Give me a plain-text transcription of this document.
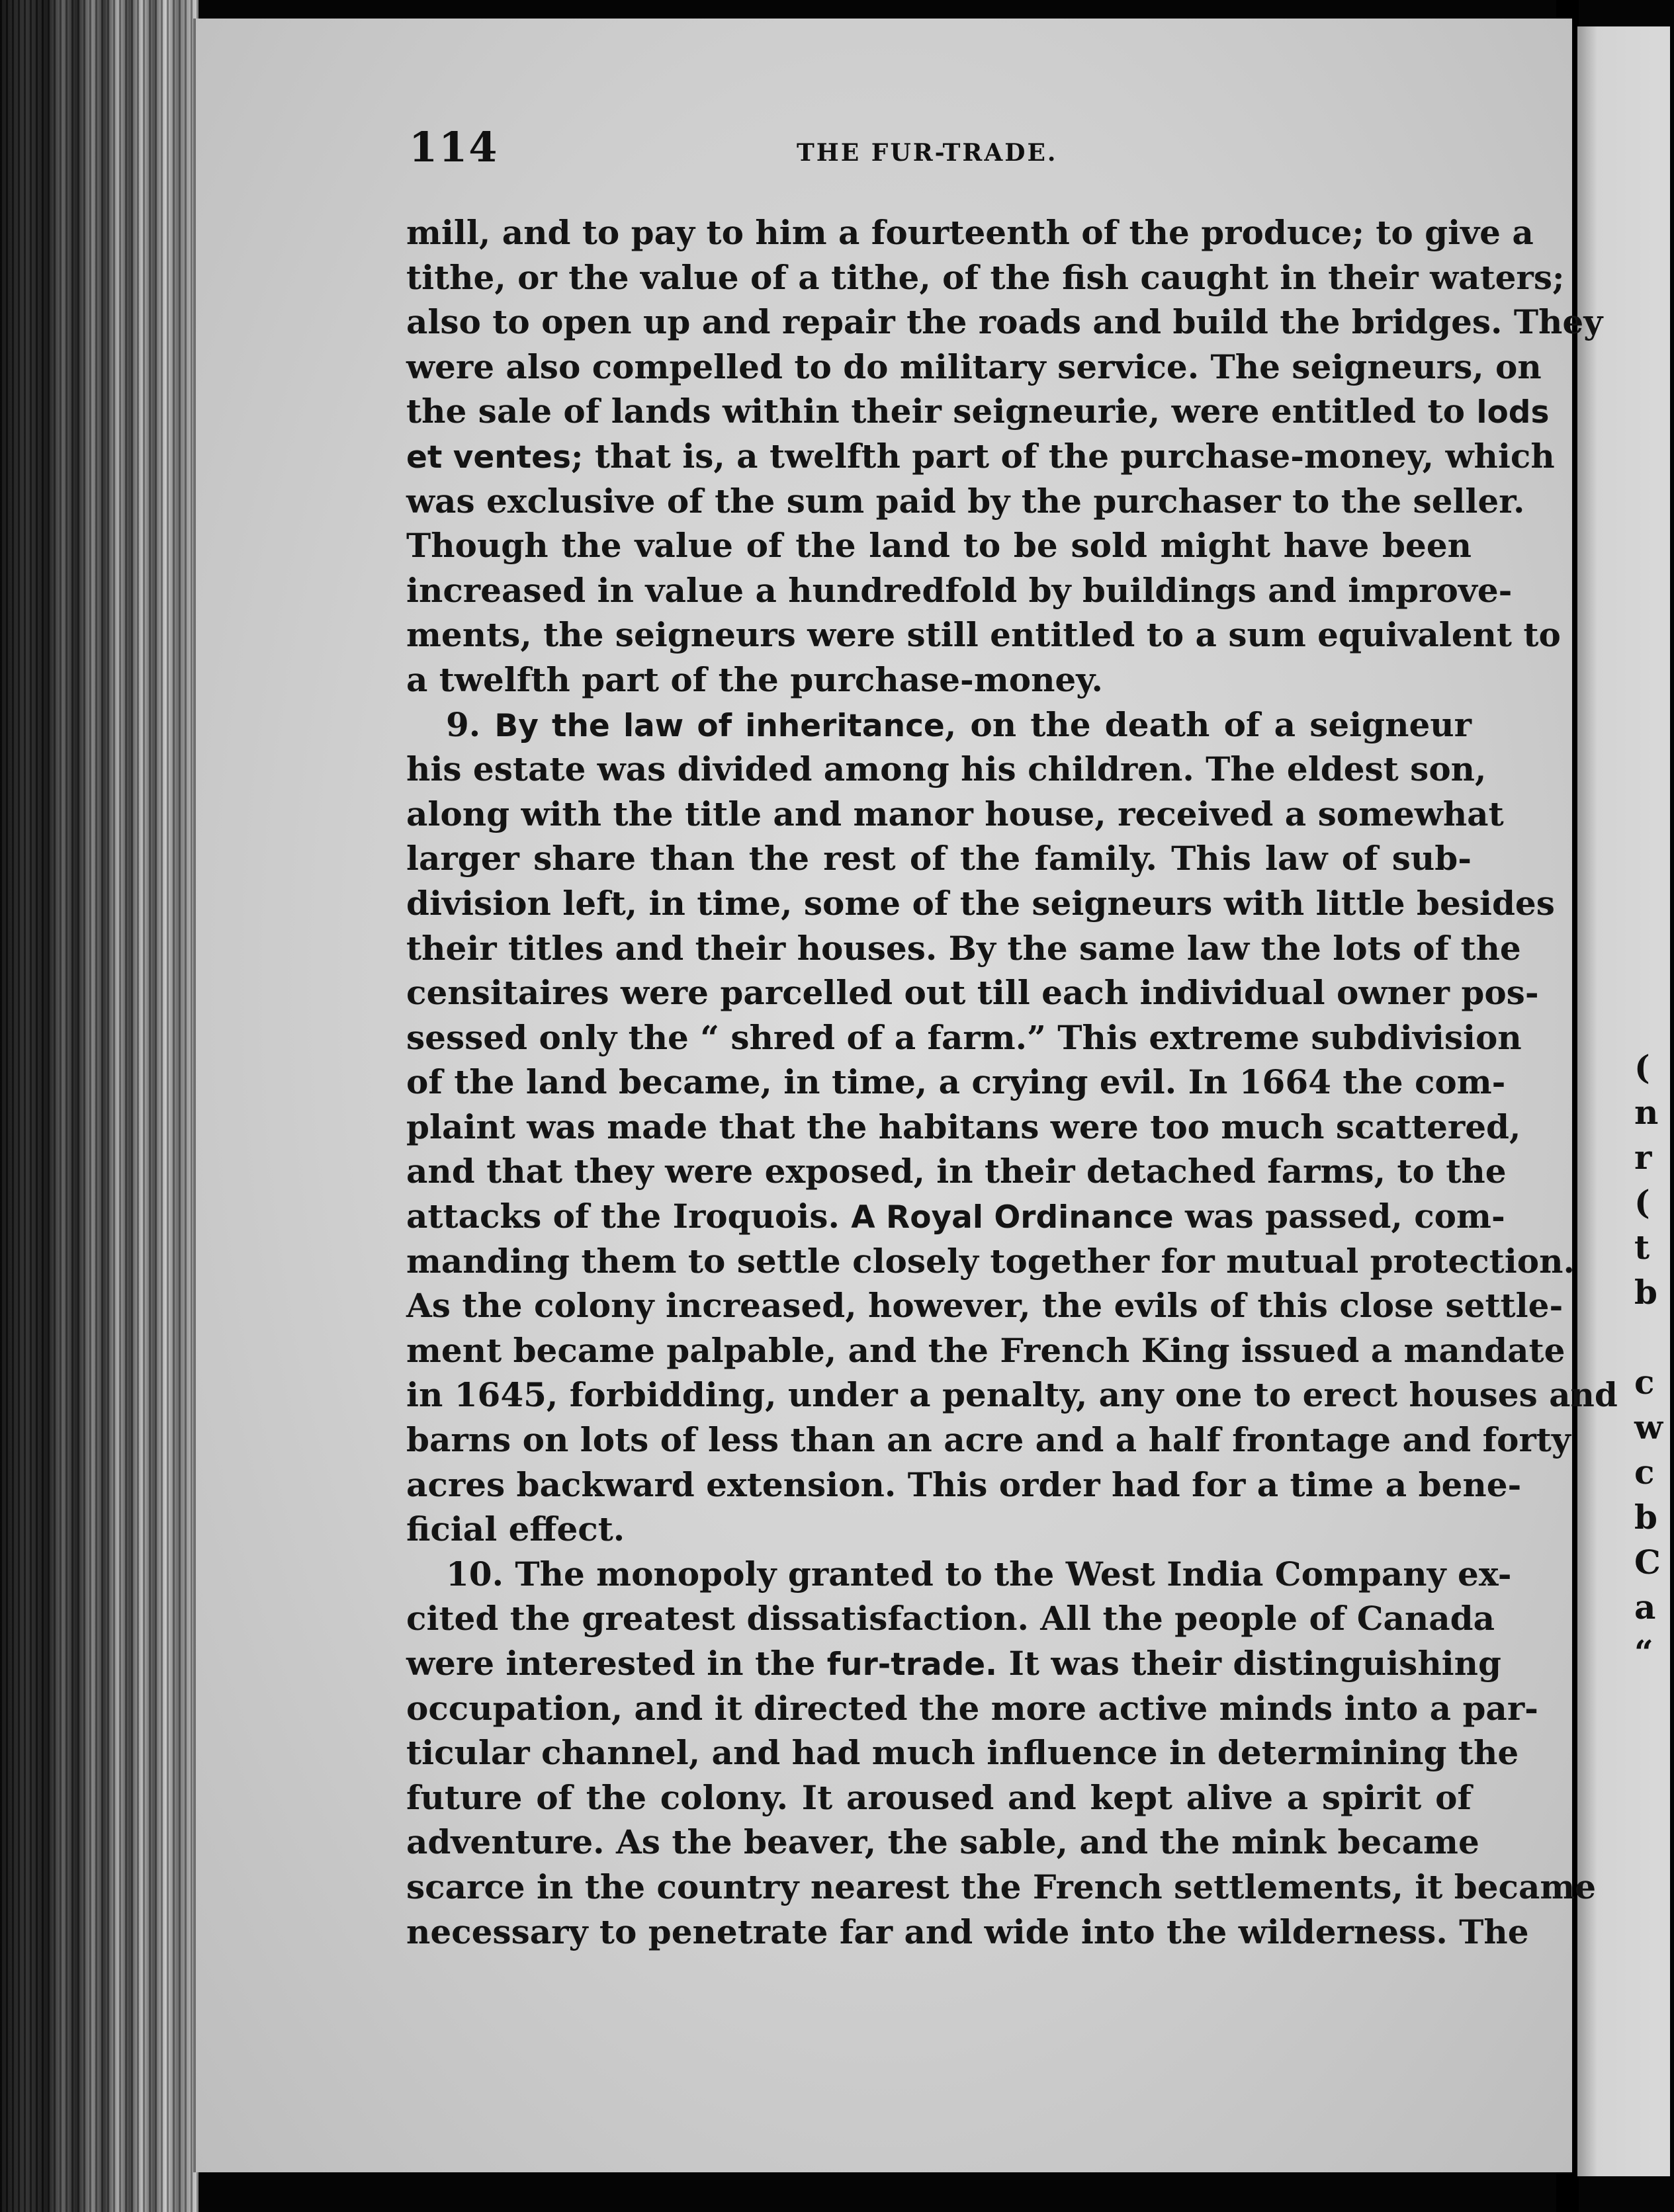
(
n
r
(
t
b
c
w
c
b
C
a
“
114	THE FUR-TRADE.
mill, and to pay to him a fourteenth of the produce; to give a
tithe, or the value of a tithe, of the fish caught in their waters;
also to open up and repair the roads and build the bridges. They
were also compelled to do military service. The seigneurs, on
the sale of lands within their seigneurie, were entitled to lods
et ventes; that is, a twelfth part of the purchase-money, which
was exclusive of the sum paid by the purchaser to the seller.
Though the value of the land to be sold might have been
increased in value a hundredfold by buildings and improve-
ments, the seigneurs were still entitled to a sum equivalent to
a twelfth part of the purchase-money.
9. By the law of inheritance, on the death of a seigneur
his estate was divided among his children. The eldest son,
along with the title and manor house, received a somewhat
larger share than the rest of the family. This law of sub-
division left, in time, some of the seigneurs with little besides
their titles and their houses. By the same law the lots of the
censitaires were parcelled out till each individual owner pos-
sessed only the “ shred of a farm.” This extreme subdivision
of the land became, in time, a crying evil. In 1664 the com-
plaint was made that the habitans were too much scattered,
and that they were exposed, in their detached farms, to the
attacks of the Iroquois. A Royal Ordinance was passed, com-
manding them to settle closely together for mutual protection.
As the colony increased, however, the evils of this close settle-
ment became palpable, and the French King issued a mandate
in 1645, forbidding, under a penalty, any one to erect houses and
barns on lots of less than an acre and a half frontage and forty
acres backward extension. This order had for a time a bene-
ficial effect.
10. The monopoly granted to the West India Company ex-
cited the greatest dissatisfaction. All the people of Canada
were interested in the fur-trade. It was their distinguishing
occupation, and it directed the more active minds into a par-
ticular channel, and had much influence in determining the
future of the colony. It aroused and kept alive a spirit of
adventure. As the beaver, the sable, and the mink became
scarce in the country nearest the French settlements, it became
necessary to penetrate far and wide into the wilderness. The
